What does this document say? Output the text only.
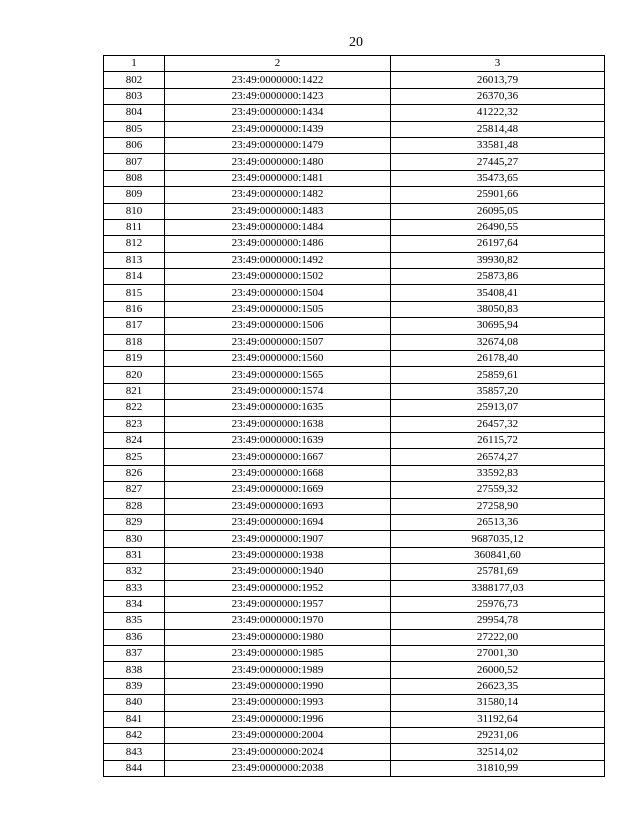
20
1	2	3
802	23:49:0000000:1422	26013,79
803	23:49:0000000:1423	26370,36
804	23:49:0000000:1434	41222,32
805	23:49:0000000:1439	25814,48
806	23:49:0000000:1479	33581,48
807	23:49:0000000:1480	27445,27
808	23:49:0000000:1481	35473,65
809	23:49:0000000:1482	25901,66
810	23:49:0000000:1483	26095,05
811	23:49:0000000:1484	26490,55
812	23:49:0000000:1486	26197,64
813	23:49:0000000:1492	39930,82
814	23:49:0000000:1502	25873,86
815	23:49:0000000:1504	35408,41
816	23:49:0000000:1505	38050,83
817	23:49:0000000:1506	30695,94
818	23:49:0000000:1507	32674,08
819	23:49:0000000:1560	26178,40
820	23:49:0000000:1565	25859,61
821	23:49:0000000:1574	35857,20
822	23:49:0000000:1635	25913,07
823	23:49:0000000:1638	26457,32
824	23:49:0000000:1639	26115,72
825	23:49:0000000:1667	26574,27
826	23:49:0000000:1668	33592,83
827	23:49:0000000:1669	27559,32
828	23:49:0000000:1693	27258,90
829	23:49:0000000:1694	26513,36
830	23:49:0000000:1907	9687035,12
831	23:49:0000000:1938	360841,60
832	23:49:0000000:1940	25781,69
833	23:49:0000000:1952	3388177,03
834	23:49:0000000:1957	25976,73
835	23:49:0000000:1970	29954,78
836	23:49:0000000:1980	27222,00
837	23:49:0000000:1985	27001,30
838	23:49:0000000:1989	26000,52
839	23:49:0000000:1990	26623,35
840	23:49:0000000:1993	31580,14
841	23:49:0000000:1996	31192,64
842	23:49:0000000:2004	29231,06
843	23:49:0000000:2024	32514,02
844	23:49:0000000:2038	31810,99
